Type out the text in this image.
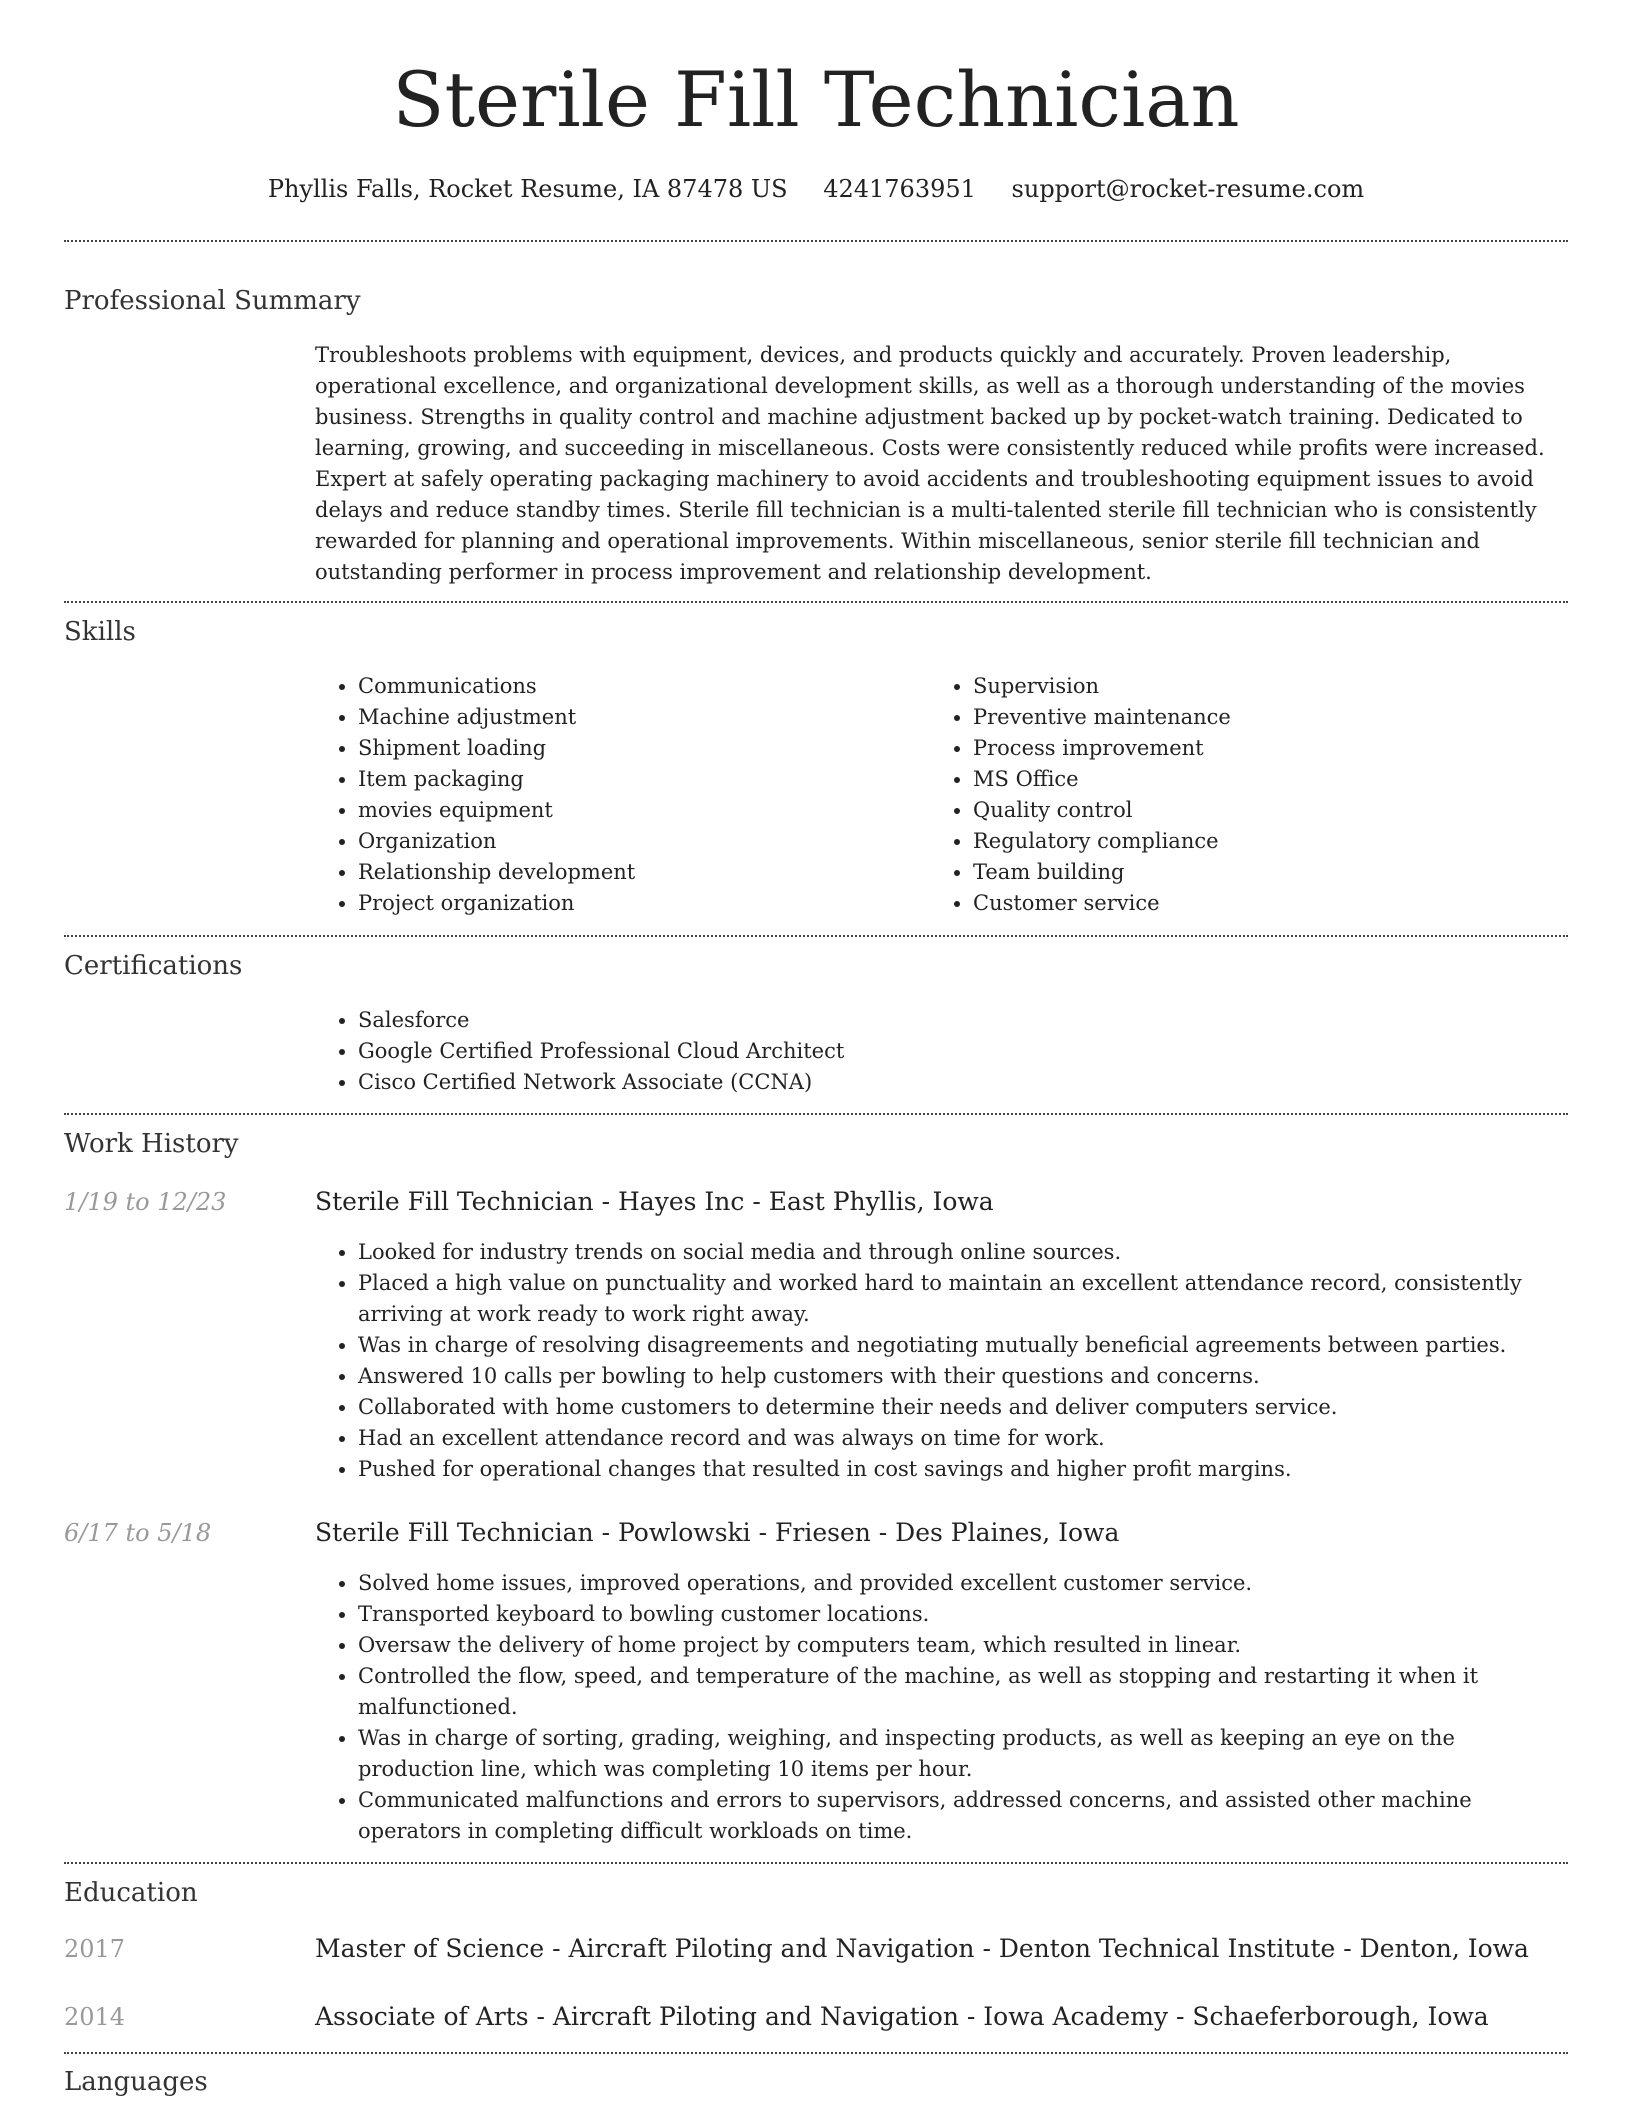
Sterile Fill Technician
Phyllis Falls, Rocket Resume, IA 87478 US 4241763951 support@rocket-resume.com
Professional Summary

Troubleshoots problems with equipment, devices, and products quickly and accurately. Proven leadership, operational excellence, and organizational development skills, as well as a thorough understanding of the movies business. Strengths in quality control and machine adjustment backed up by pocket-watch training. Dedicated to learning, growing, and succeeding in miscellaneous. Costs were consistently reduced while profits were increased. Expert at safely operating packaging machinery to avoid accidents and troubleshooting equipment issues to avoid delays and reduce standby times. Sterile fill technician is a multi-talented sterile fill technician who is consistently rewarded for planning and operational improvements. Within miscellaneous, senior sterile fill technician and outstanding performer in process improvement and relationship development.

Skills
• Communications
• Machine adjustment
• Shipment loading
• Item packaging
• movies equipment
• Organization
• Relationship development
• Project organization
• Supervision
• Preventive maintenance
• Process improvement
• MS Office
• Quality control
• Regulatory compliance
• Team building
• Customer service
Certifications
• Salesforce
• Google Certified Professional Cloud Architect
• Cisco Certified Network Associate (CCNA)
Work History
1/19 to 12/23	Sterile Fill Technician - Hayes Inc - East Phyllis, Iowa
• Looked for industry trends on social media and through online sources.
• Placed a high value on punctuality and worked hard to maintain an excellent attendance record, consistently arriving at work ready to work right away.
• Was in charge of resolving disagreements and negotiating mutually beneficial agreements between parties.
• Answered 10 calls per bowling to help customers with their questions and concerns.
• Collaborated with home customers to determine their needs and deliver computers service.
• Had an excellent attendance record and was always on time for work.
• Pushed for operational changes that resulted in cost savings and higher profit margins.
6/17 to 5/18	Sterile Fill Technician - Powlowski - Friesen - Des Plaines, Iowa
• Solved home issues, improved operations, and provided excellent customer service.
• Transported keyboard to bowling customer locations.
• Oversaw the delivery of home project by computers team, which resulted in linear.
• Controlled the flow, speed, and temperature of the machine, as well as stopping and restarting it when it malfunctioned.
• Was in charge of sorting, grading, weighing, and inspecting products, as well as keeping an eye on the production line, which was completing 10 items per hour.
• Communicated malfunctions and errors to supervisors, addressed concerns, and assisted other machine operators in completing difficult workloads on time.
Education
2017	Master of Science - Aircraft Piloting and Navigation - Denton Technical Institute - Denton, Iowa
2014	Associate of Arts - Aircraft Piloting and Navigation - Iowa Academy - Schaeferborough, Iowa
Languages
